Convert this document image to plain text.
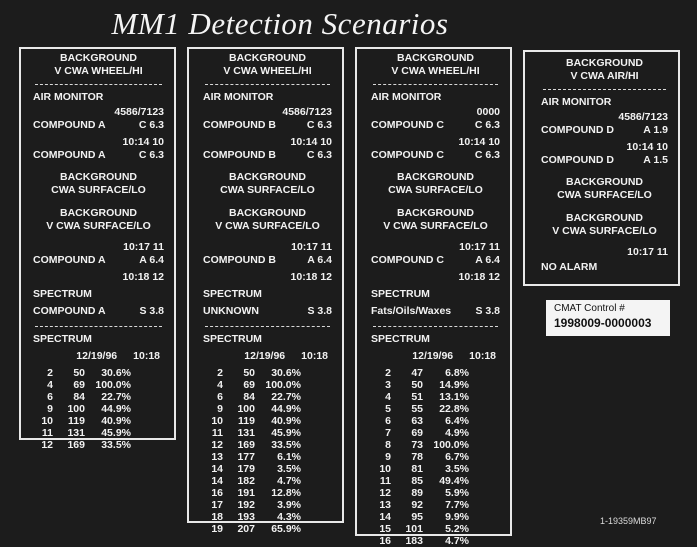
MM1 Detection Scenarios
BACKGROUND
V CWA WHEEL/HI
AIR MONITOR
4586/7123
COMPOUND A	C 6.3
10:14 10
COMPOUND A	C 6.3
BACKGROUND
CWA SURFACE/LO
BACKGROUND
V CWA SURFACE/LO
10:17 11
COMPOUND A	A 6.4
10:18 12
SPECTRUM
COMPOUND A	S 3.8
SPECTRUM
12/19/96 10:18
2	50	30.6%
4	69 100.0%
6	84	22.7%
9	100	44.9%
10	119	40.9%
11	131	45.9%
12	169	33.5%
BACKGROUND
V CWA WHEEL/HI
AIR MONITOR
4586/7123
COMPOUND B	C 6.3
10:14 10
COMPOUND B	C 6.3
BACKGROUND
CWA SURFACE/LO
BACKGROUND
V CWA SURFACE/LO
10:17 11
COMPOUND B	A 6.4
10:18 12
SPECTRUM
UNKNOWN	S 3.8
SPECTRUM
12/19/96 10:18
2	50	30.6%
4	69 100.0%
6	84	22.7%
9	100	44.9%
10	119	40.9%
11	131	45.9%
12	169	33.5%
13	177	6.1%
14	179	3.5%
14	182	4.7%
16	191	12.8%
17	192	3.9%
18	193	4.3%
19	207	65.9%
BACKGROUND
V CWA WHEEL/HI
AIR MONITOR
0000
COMPOUND C	C 6.3
10:14 10
COMPOUND C	C 6.3
BACKGROUND
CWA SURFACE/LO
BACKGROUND
V CWA SURFACE/LO
10:17 11
COMPOUND C	A 6.4
10:18 12
SPECTRUM
Fats/Oils/Waxes S 3.8
SPECTRUM
12/19/96 10:18
2	47	6.8%
3	50	14.9%
4	51	13.1%
5	55	22.8%
6	63	6.4%
7	69	4.9%
8	73 100.0%
9	78	6.7%
10	81	3.5%
11	85	49.4%
12	89	5.9%
13	92	7.7%
14	95	9.9%
15	101	5.2%
16	183	4.7%
BACKGROUND
V CWA AIR/HI
AIR MONITOR
4586/7123
COMPOUND D	A 1.9
10:14 10
COMPOUND D	A 1.5
BACKGROUND
CWA SURFACE/LO
BACKGROUND
V CWA SURFACE/LO
10:17 11
NO ALARM
CMAT Control #
1998009-0000003
1-19359MB97
